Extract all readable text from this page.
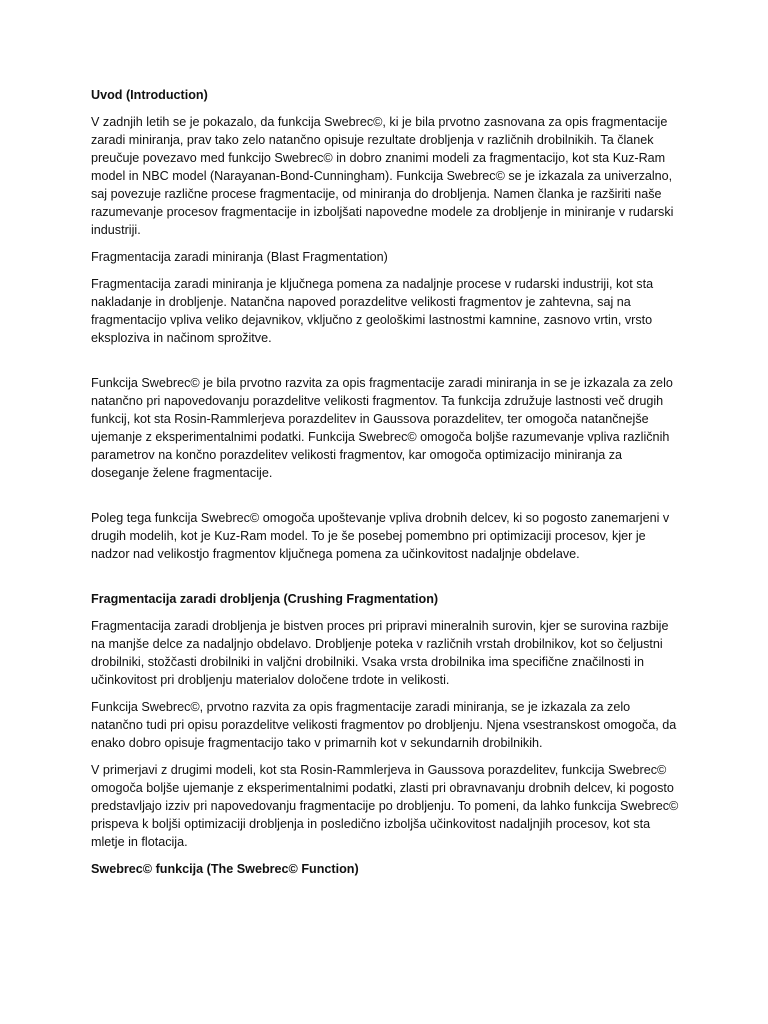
Uvod (Introduction)

V zadnjih letih se je pokazalo, da funkcija Swebrec©, ki je bila prvotno zasnovana za opis fragmentacije zaradi miniranja, prav tako zelo natančno opisuje rezultate drobljenja v različnih drobilnikih. Ta članek preučuje povezavo med funkcijo Swebrec© in dobro znanimi modeli za fragmentacijo, kot sta Kuz-Ram model in NBC model (Narayanan-Bond-Cunningham). Funkcija Swebrec© se je izkazala za univerzalno, saj povezuje različne procese fragmentacije, od miniranja do drobljenja. Namen članka je razširiti naše razumevanje procesov fragmentacije in izboljšati napovedne modele za drobljenje in miniranje v rudarski industriji.

Fragmentacija zaradi miniranja (Blast Fragmentation)

Fragmentacija zaradi miniranja je ključnega pomena za nadaljnje procese v rudarski industriji, kot sta nakladanje in drobljenje. Natančna napoved porazdelitve velikosti fragmentov je zahtevna, saj na fragmentacijo vpliva veliko dejavnikov, vključno z geološkimi lastnostmi kamnine, zasnovo vrtin, vrsto eksploziva in načinom sprožitve.

Funkcija Swebrec© je bila prvotno razvita za opis fragmentacije zaradi miniranja in se je izkazala za zelo natančno pri napovedovanju porazdelitve velikosti fragmentov. Ta funkcija združuje lastnosti več drugih funkcij, kot sta Rosin-Rammlerjeva porazdelitev in Gaussova porazdelitev, ter omogoča natančnejše ujemanje z eksperimentalnimi podatki. Funkcija Swebrec© omogoča boljše razumevanje vpliva različnih parametrov na končno porazdelitev velikosti fragmentov, kar omogoča optimizacijo miniranja za doseganje želene fragmentacije.

Poleg tega funkcija Swebrec© omogoča upoštevanje vpliva drobnih delcev, ki so pogosto zanemarjeni v drugih modelih, kot je Kuz-Ram model. To je še posebej pomembno pri optimizaciji procesov, kjer je nadzor nad velikostjo fragmentov ključnega pomena za učinkovitost nadaljnje obdelave.

Fragmentacija zaradi drobljenja (Crushing Fragmentation)

Fragmentacija zaradi drobljenja je bistven proces pri pripravi mineralnih surovin, kjer se surovina razbije na manjše delce za nadaljnjo obdelavo. Drobljenje poteka v različnih vrstah drobilnikov, kot so čeljustni drobilniki, stožčasti drobilniki in valjčni drobilniki. Vsaka vrsta drobilnika ima specifične značilnosti in učinkovitost pri drobljenju materialov določene trdote in velikosti.

Funkcija Swebrec©, prvotno razvita za opis fragmentacije zaradi miniranja, se je izkazala za zelo natančno tudi pri opisu porazdelitve velikosti fragmentov po drobljenju. Njena vsestranskost omogoča, da enako dobro opisuje fragmentacijo tako v primarnih kot v sekundarnih drobilnikih.

V primerjavi z drugimi modeli, kot sta Rosin-Rammlerjeva in Gaussova porazdelitev, funkcija Swebrec© omogoča boljše ujemanje z eksperimentalnimi podatki, zlasti pri obravnavanju drobnih delcev, ki pogosto predstavljajo izziv pri napovedovanju fragmentacije po drobljenju. To pomeni, da lahko funkcija Swebrec© prispeva k boljši optimizaciji drobljenja in posledično izboljša učinkovitost nadaljnjih procesov, kot sta mletje in flotacija.

Swebrec© funkcija (The Swebrec© Function)
